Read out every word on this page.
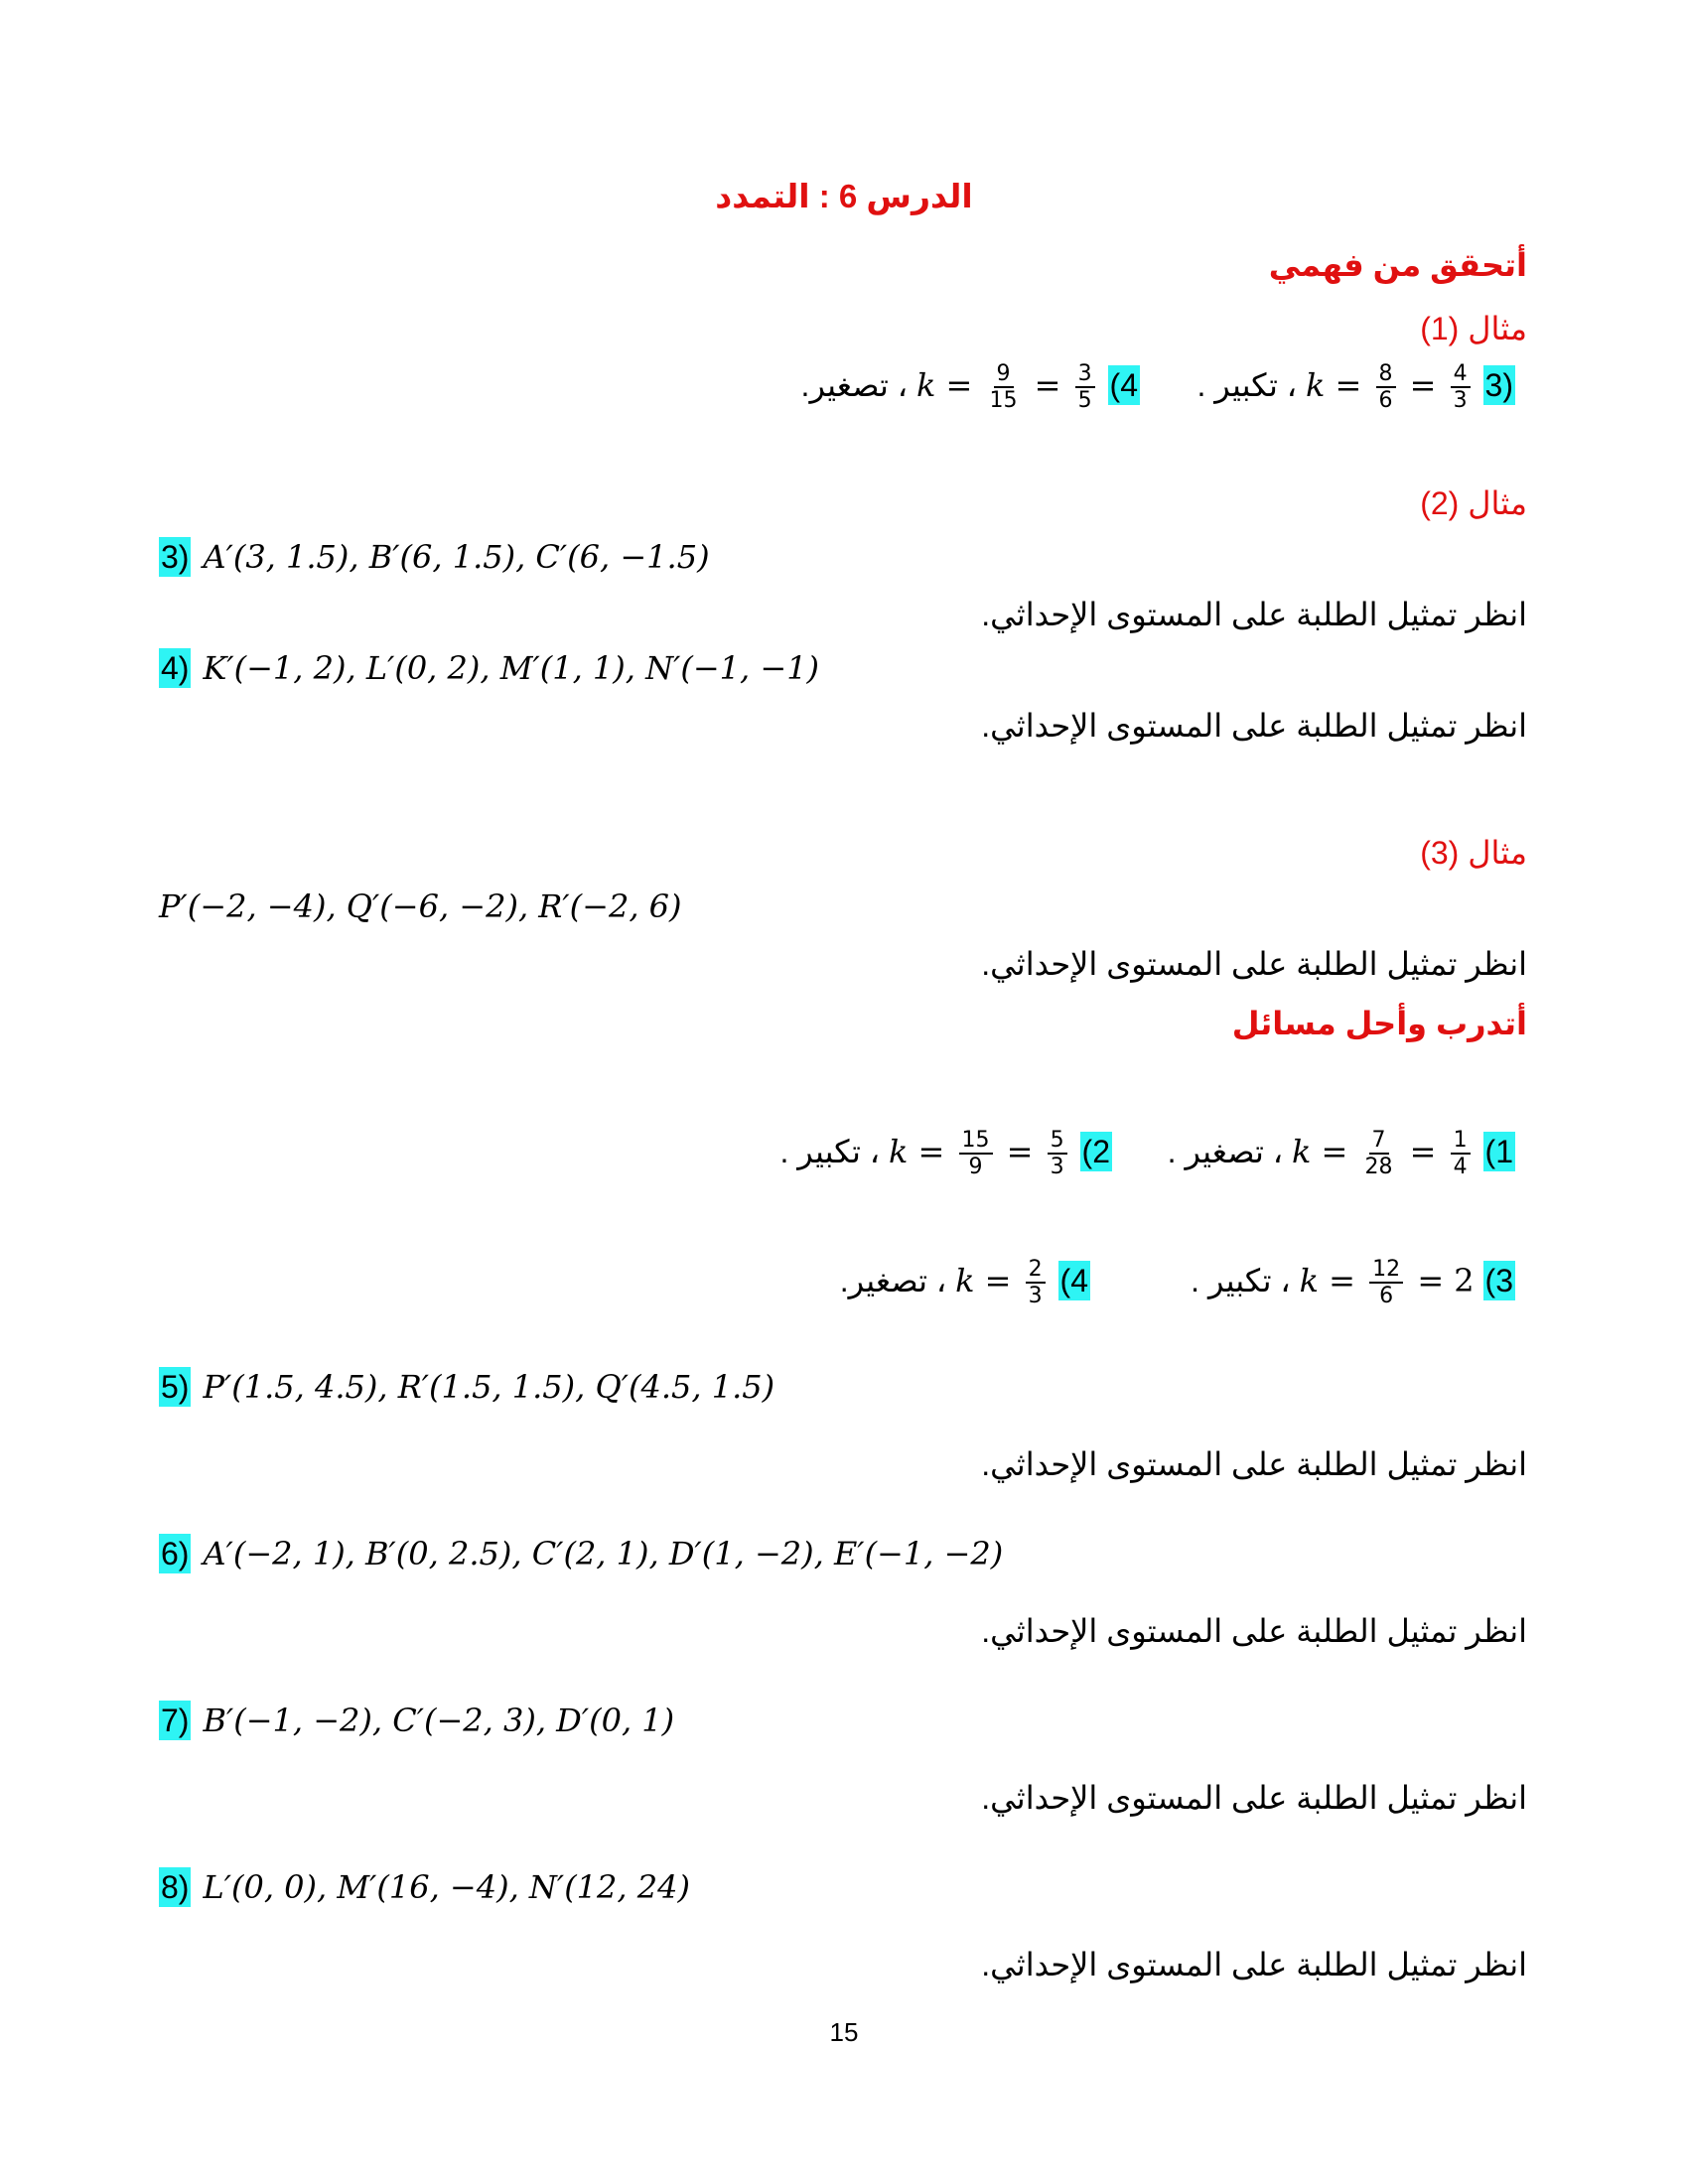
الدرس 6 : التمدد
أتحقق من فهمي
مثال (1)
3) $k = \frac{8}{6} = \frac{4}{3}$
، تكبير .
4) $k = \frac{9}{15} = \frac{3}{5}$
، تصغير.
مثال (2)
3) A′(3, 1.5), B′(6, 1.5), C′(6, −1.5)
انظر تمثيل الطلبة على المستوى الإحداثي.
4) K′(−1, 2), L′(0, 2), M′(1, 1), N′(−1, −1)
انظر تمثيل الطلبة على المستوى الإحداثي.
مثال (3)
P′(−2, −4), Q′(−6, −2), R′(−2, 6)
انظر تمثيل الطلبة على المستوى الإحداثي.
أتدرب وأحل مسائل
1) $k = \frac{7}{28} = \frac{1}{4}$
، تصغير .
2) $k = \frac{15}{9} = \frac{5}{3}$
، تكبير .
3) $k = \frac{12}{6} = 2$ ، تكبير .
4) $k = \frac{2}{3}$
، تصغير.
5) P′(1.5, 4.5), R′(1.5, 1.5), Q′(4.5, 1.5)
انظر تمثيل الطلبة على المستوى الإحداثي.
6) A′(−2, 1), B′(0, 2.5), C′(2, 1), D′(1, −2), E′(−1, −2)
انظر تمثيل الطلبة على المستوى الإحداثي.
7) B′(−1, −2), C′(−2, 3), D′(0, 1)
انظر تمثيل الطلبة على المستوى الإحداثي.
8) L′(0, 0), M′(16, −4), N′(12, 24)
انظر تمثيل الطلبة على المستوى الإحداثي.
15
